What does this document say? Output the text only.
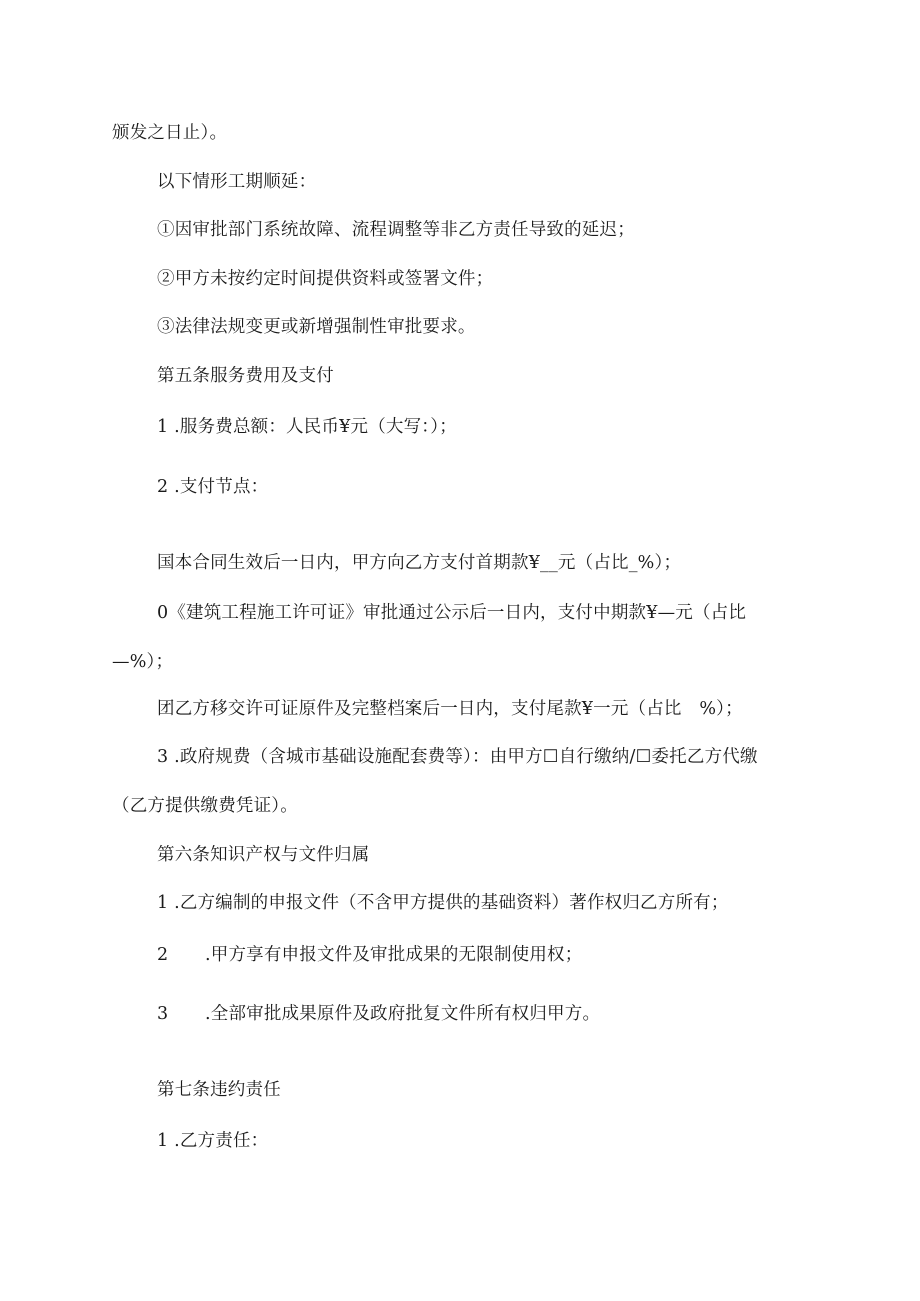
颁发之日止）。
以下情形工期顺延：
①因审批部门系统故障、流程调整等非乙方责任导致的延迟；
②甲方未按约定时间提供资料或签署文件；
③法律法规变更或新增强制性审批要求。
第五条服务费用及支付
1 .服务费总额：人民币¥元（大写：）；
2 .支付节点：
国本合同生效后一日内，甲方向乙方支付首期款¥__元（占比_%）；
0《建筑工程施工许可证》审批通过公示后一日内，支付中期款¥—元（占比
—%）；
团乙方移交许可证原件及完整档案后一日内，支付尾款¥一元（占比　%）；
3 .政府规费（含城市基础设施配套费等）：由甲方☐自行缴纳/☐委托乙方代缴
（乙方提供缴费凭证）。
第六条知识产权与文件归属
1 .乙方编制的申报文件（不含甲方提供的基础资料）著作权归乙方所有；
2 .甲方享有申报文件及审批成果的无限制使用权；
3 .全部审批成果原件及政府批复文件所有权归甲方。
第七条违约责任
1 .乙方责任：
